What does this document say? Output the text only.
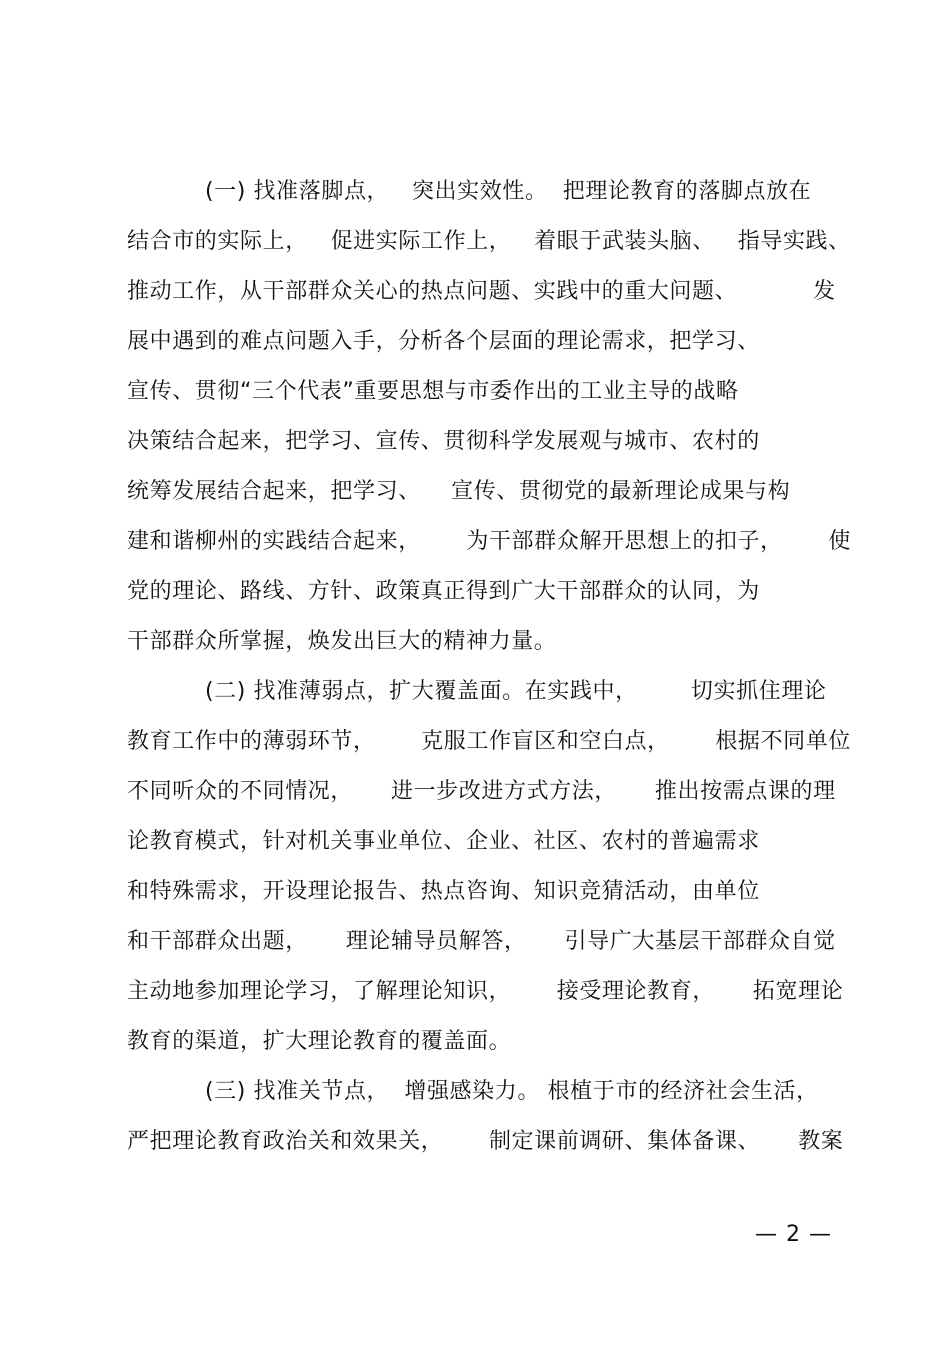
(一) 找准落脚点，   突出实效性。  把理论教育的落脚点放在
结合市的实际上，   促进实际工作上，   着眼于武装头脑、   指导实践、
推动工作，从干部群众关心的热点问题、实践中的重大问题、          发
展中遇到的难点问题入手，分析各个层面的理论需求，把学习、
宣传、贯彻“三个代表”重要思想与市委作出的工业主导的战略
决策结合起来，把学习、宣传、贯彻科学发展观与城市、农村的
统筹发展结合起来，把学习、    宣传、贯彻党的最新理论成果与构
建和谐柳州的实践结合起来，      为干部群众解开思想上的扣子，      使
党的理论、路线、方针、政策真正得到广大干部群众的认同，为
干部群众所掌握，焕发出巨大的精神力量。
(二) 找准薄弱点，扩大覆盖面。在实践中，       切实抓住理论
教育工作中的薄弱环节，      克服工作盲区和空白点，      根据不同单位
不同听众的不同情况，     进一步改进方式方法，     推出按需点课的理
论教育模式，针对机关事业单位、企业、社区、农村的普遍需求
和特殊需求，开设理论报告、热点咨询、知识竞猜活动，由单位
和干部群众出题，     理论辅导员解答，     引导广大基层干部群众自觉
主动地参加理论学习，了解理论知识，      接受理论教育，     拓宽理论
教育的渠道，扩大理论教育的覆盖面。
(三) 找准关节点，  增强感染力。 根植于市的经济社会生活，
严把理论教育政治关和效果关，      制定课前调研、集体备课、     教案
— 2 —
